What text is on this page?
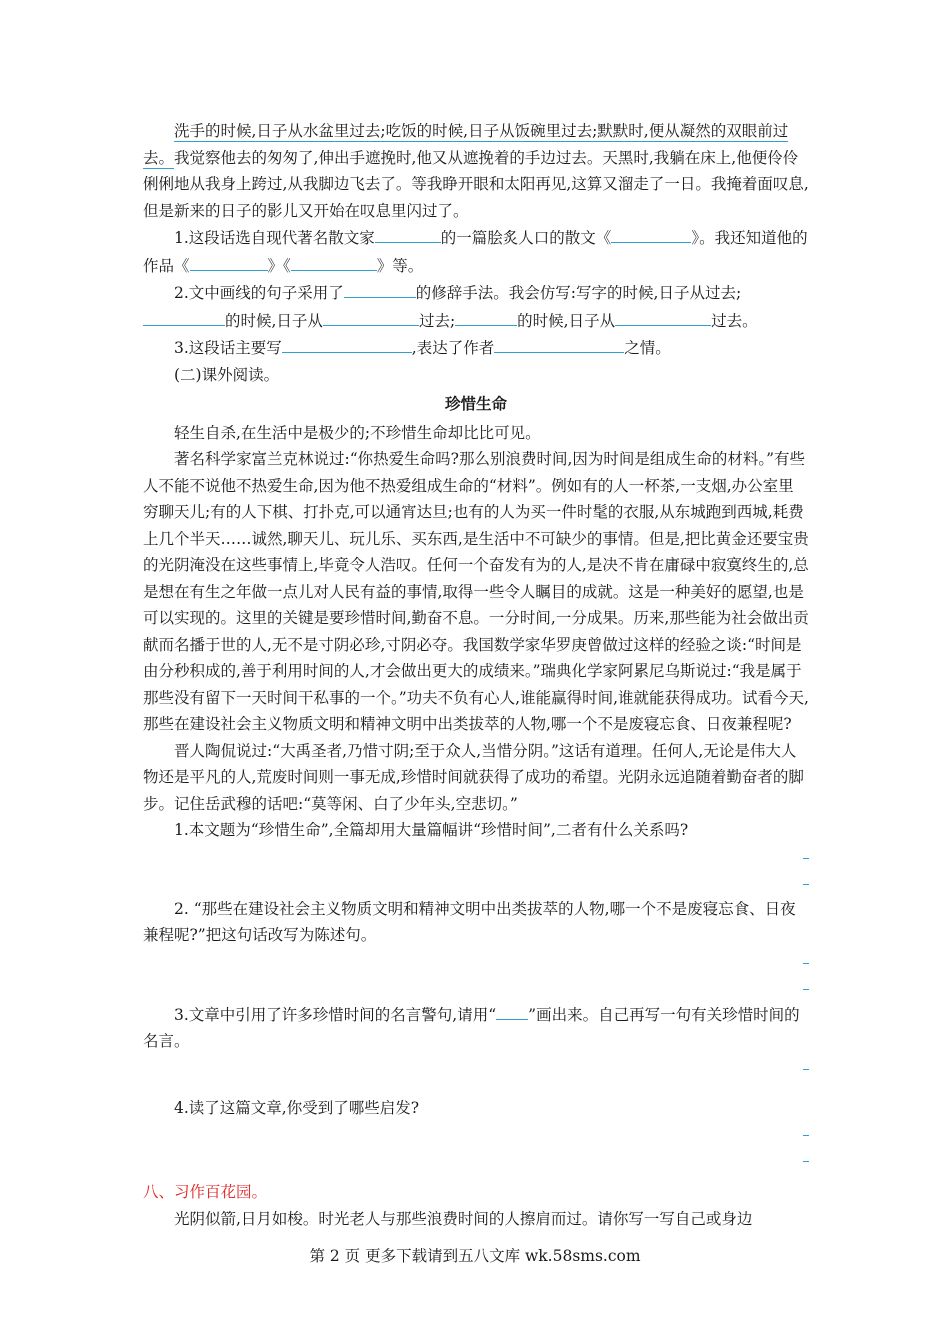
洗手的时候,日子从水盆里过去;吃饭的时候,日子从饭碗里过去;默默时,便从凝然的双眼前过去。我觉察他去的匆匆了,伸出手遮挽时,他又从遮挽着的手边过去。天黑时,我躺在床上,他便伶伶俐俐地从我身上跨过,从我脚边飞去了。等我睁开眼和太阳再见,这算又溜走了一日。我掩着面叹息,但是新来的日子的影儿又开始在叹息里闪过了。

1.这段话选自现代著名散文家	的一篇脍炙人口的散文《	》。我还知道他的作品《	》《	》等。

2.文中画线的句子采用了	的修辞手法。我会仿写:写字的时候,日子从过去;的时候,日子从	过去;	的时候,日子从	过去。

3.这段话主要写	,表达了作者	之情。

(二)课外阅读。

珍惜生命

轻生自杀,在生活中是极少的;不珍惜生命却比比可见。

著名科学家富兰克林说过:“你热爱生命吗?那么别浪费时间,因为时间是组成生命的材料。”有些人不能不说他不热爱生命,因为他不热爱组成生命的“材料”。例如有的人一杯茶,一支烟,办公室里穷聊天儿;有的人下棋、打扑克,可以通宵达旦;也有的人为买一件时髦的衣服,从东城跑到西城,耗费上几个半天……诚然,聊天儿、玩儿乐、买东西,是生活中不可缺少的事情。但是,把比黄金还要宝贵的光阴淹没在这些事情上,毕竟令人浩叹。任何一个奋发有为的人,是决不肯在庸碌中寂寞终生的,总是想在有生之年做一点儿对人民有益的事情,取得一些令人瞩目的成就。这是一种美好的愿望,也是可以实现的。这里的关键是要珍惜时间,勤奋不息。一分时间,一分成果。历来,那些能为社会做出贡献而名播于世的人,无不是寸阴必珍,寸阴必夺。我国数学家华罗庚曾做过这样的经验之谈:“时间是由分秒积成的,善于利用时间的人,才会做出更大的成绩来。”瑞典化学家阿累尼乌斯说过:“我是属于那些没有留下一天时间干私事的一个。”功夫不负有心人,谁能赢得时间,谁就能获得成功。试看今天,那些在建设社会主义物质文明和精神文明中出类拔萃的人物,哪一个不是废寝忘食、日夜兼程呢?

晋人陶侃说过:“大禹圣者,乃惜寸阴;至于众人,当惜分阴。”这话有道理。任何人,无论是伟大人物还是平凡的人,荒废时间则一事无成,珍惜时间就获得了成功的希望。光阴永远追随着勤奋者的脚步。记住岳武穆的话吧:“莫等闲、白了少年头,空悲切。”

1.本文题为“珍惜生命”,全篇却用大量篇幅讲“珍惜时间”,二者有什么关系吗?

2. “那些在建设社会主义物质文明和精神文明中出类拔萃的人物,哪一个不是废寝忘食、日夜兼程呢?”把这句话改写为陈述句。

3.文章中引用了许多珍惜时间的名言警句,请用“ ”画出来。自己再写一句有关珍惜时间的名言。

4.读了这篇文章,你受到了哪些启发?

八、习作百花园。

光阴似箭,日月如梭。时光老人与那些浪费时间的人擦肩而过。请你写一写自己或身边

第 2 页 更多下载请到五八文库 wk.58sms.com
